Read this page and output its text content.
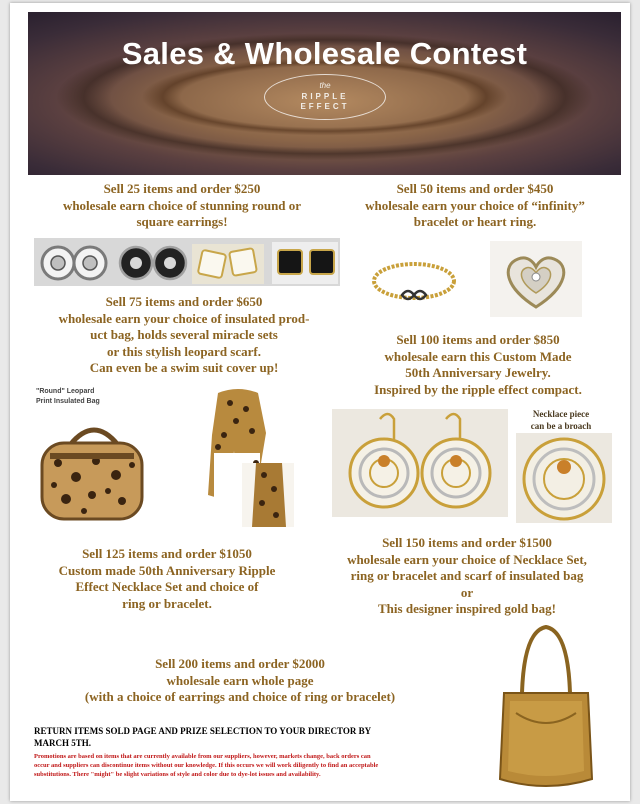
Sales & Wholesale Contest
the
RIPPLE
EFFECT
Sell 25 items and order $250
wholesale earn choice of stunning round or
square earrings!
Sell 50 items and order $450
wholesale earn your choice of “infinity”
bracelet or heart ring.
Sell 75 items and order $650
wholesale earn your choice of insulated prod-
uct bag, holds several miracle sets
or this stylish leopard scarf.
Can even be a swim suit cover up!
Sell 100 items and order $850
wholesale earn this Custom Made
50th Anniversary Jewelry.
Inspired by the ripple effect compact.
"Round" Leopard
Print Insulated Bag
Necklace piece
can be a broach
Sell 150 items and order $1500
wholesale earn your choice of Necklace Set,
ring or bracelet and scarf of insulated bag
or
This designer inspired gold bag!
Sell 125 items and order $1050
Custom made 50th Anniversary Ripple
Effect Necklace Set and choice of
ring or bracelet.
Sell 200 items and order $2000
wholesale earn whole page
(with a choice of earrings and choice of ring or bracelet)
RETURN ITEMS SOLD PAGE AND PRIZE SELECTION TO YOUR DIRECTOR BY
MARCH 5TH.
Promotions are based on items that are currently available from our suppliers, however, markets change, back orders can
occur and suppliers can discontinue items without our knowledge. If this occurs we will work diligently to find an acceptable
substitutions. There "might" be slight variations of style and color due to dye-lot issues and availability.
